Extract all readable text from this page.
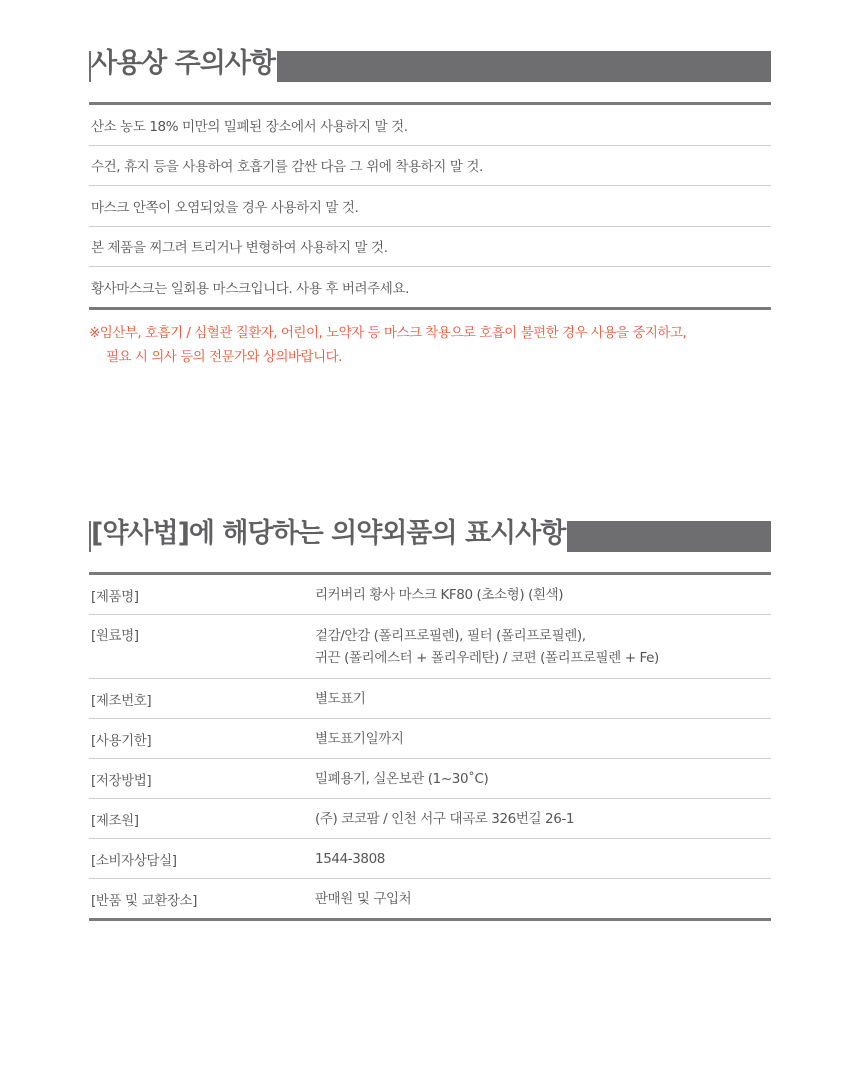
사용상 주의사항
산소 농도 18% 미만의 밀폐된 장소에서 사용하지 말 것.
수건, 휴지 등을 사용하여 호흡기를 감싼 다음 그 위에 착용하지 말 것.
마스크 안쪽이 오염되었을 경우 사용하지 말 것.
본 제품을 찌그려 트리거나 변형하여 사용하지 말 것.
황사마스크는 일회용 마스크입니다. 사용 후 버려주세요.
※임산부, 호흡기 / 심혈관 질환자, 어린이, 노약자 등 마스크 착용으로 호흡이 불편한 경우 사용을 중지하고,
필요 시 의사 등의 전문가와 상의바랍니다.
[약사법]에 해당하는 의약외품의 표시사항
[제품명]	리커버리 황사 마스크 KF80 (초소형) (흰색)
[원료명]	겉감/안감 (폴리프로필렌), 필터 (폴리프로필렌),
귀끈 (폴리에스터 + 폴리우레탄) / 코편 (폴리프로필렌 + Fe)
[제조번호]	별도표기
[사용기한]	별도표기일까지
[저장방법]	밀폐용기, 실온보관 (1~30˚C)
[제조원]	(주) 코코팜 / 인천 서구 대곡로 326번길 26-1
[소비자상담실]	1544-3808
[반품 및 교환장소]	판매원 및 구입처
